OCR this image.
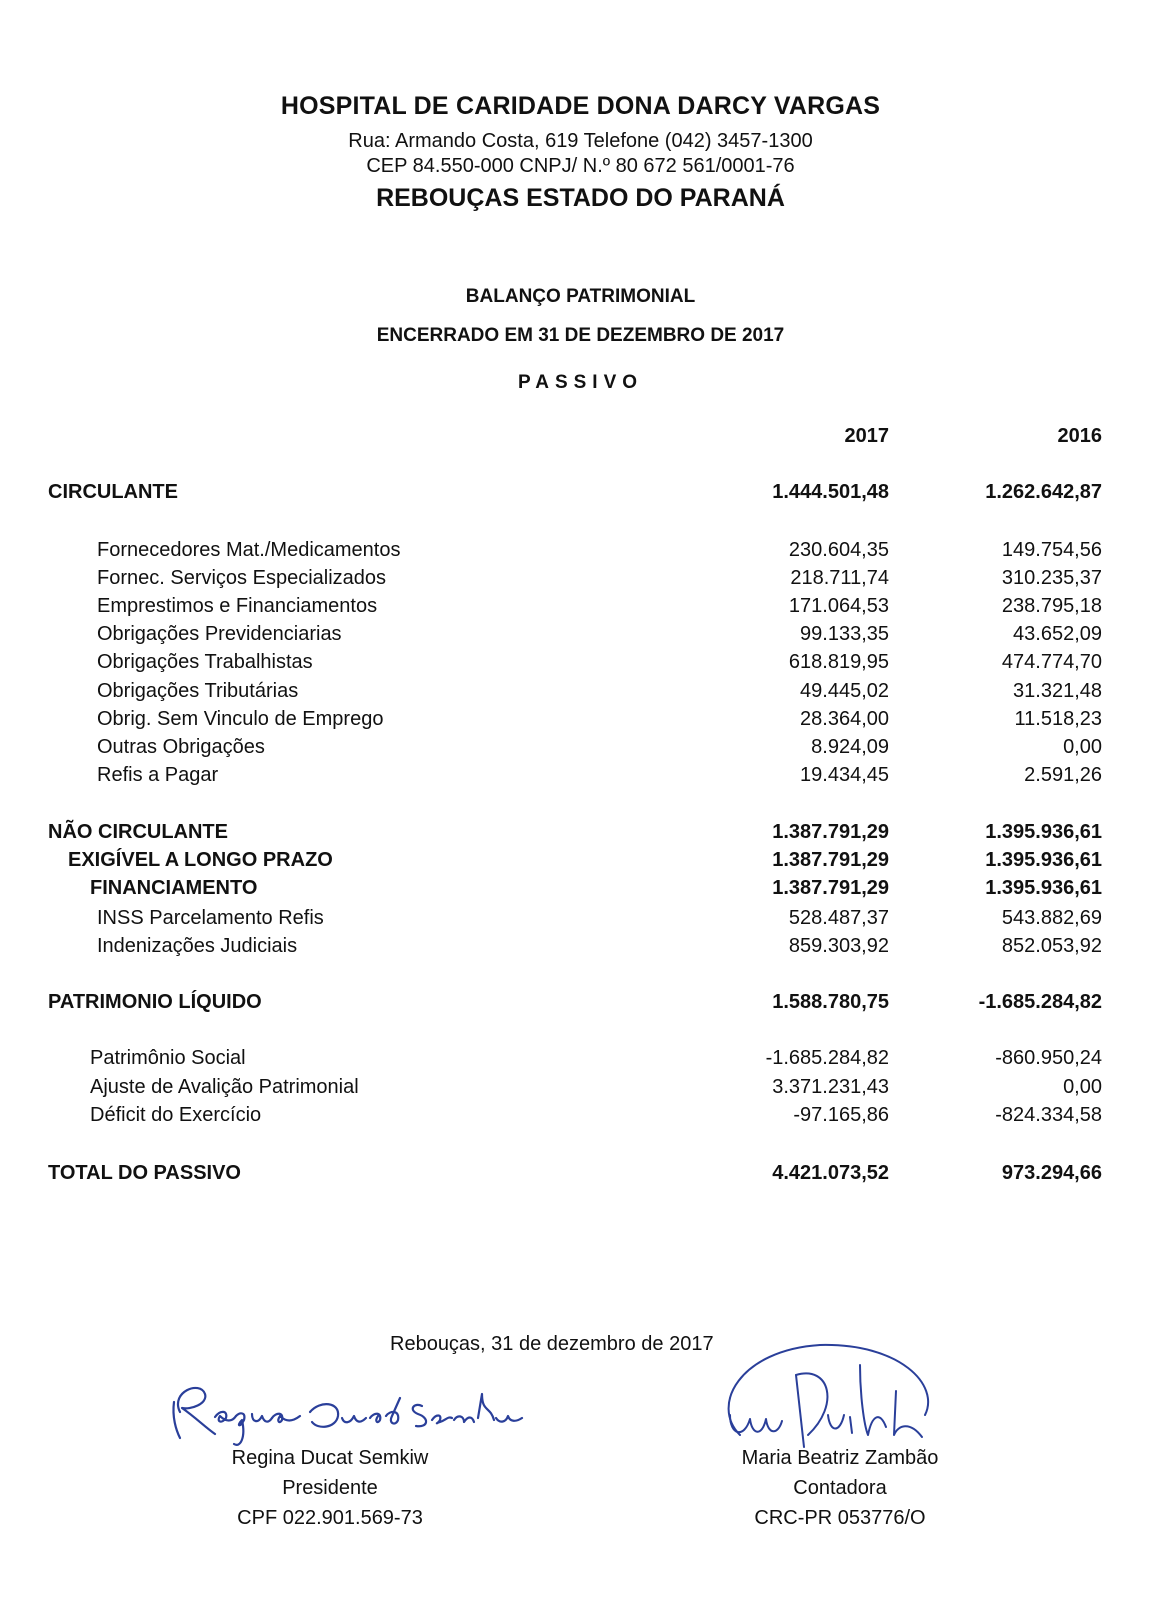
HOSPITAL DE CARIDADE DONA DARCY VARGAS
Rua: Armando Costa, 619 Telefone (042) 3457-1300
CEP 84.550-000 CNPJ/ N.º 80 672 561/0001-76
REBOUÇAS ESTADO DO PARANÁ
BALANÇO PATRIMONIAL
ENCERRADO EM 31 DE DEZEMBRO DE 2017
PASSIVO
2017	2016
CIRCULANTE	1.444.501,48	1.262.642,87
Fornecedores Mat./Medicamentos	230.604,35	149.754,56
Fornec. Serviços Especializados	218.711,74	310.235,37
Emprestimos e Financiamentos	171.064,53	238.795,18
Obrigações Previdenciarias	99.133,35	43.652,09
Obrigações Trabalhistas	618.819,95	474.774,70
Obrigações Tributárias	49.445,02	31.321,48
Obrig. Sem Vinculo de Emprego	28.364,00	11.518,23
Outras Obrigações	8.924,09	0,00
Refis a Pagar	19.434,45	2.591,26
NÃO CIRCULANTE	1.387.791,29	1.395.936,61
EXIGÍVEL A LONGO PRAZO	1.387.791,29	1.395.936,61
FINANCIAMENTO	1.387.791,29	1.395.936,61
INSS Parcelamento Refis	528.487,37	543.882,69
Indenizações Judiciais	859.303,92	852.053,92
PATRIMONIO LÍQUIDO	1.588.780,75	-1.685.284,82
Patrimônio Social	-1.685.284,82	-860.950,24
Ajuste de Avalição Patrimonial	3.371.231,43	0,00
Déficit do Exercício	-97.165,86	-824.334,58
TOTAL DO PASSIVO	4.421.073,52	973.294,66
Rebouças, 31 de dezembro de 2017
Regina Ducat Semkiw
Presidente
CPF 022.901.569-73
Maria Beatriz Zambão
Contadora
CRC-PR 053776/O
